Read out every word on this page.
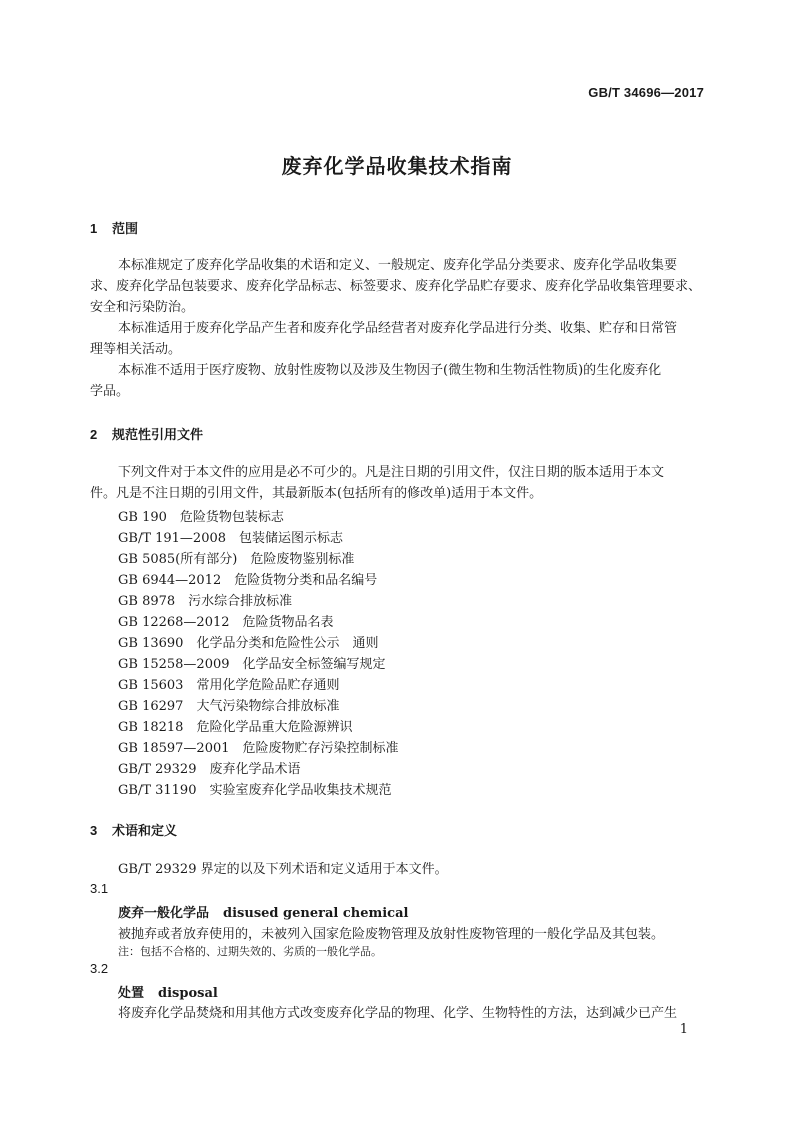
GB/T 34696—2017
废弃化学品收集技术指南
1 范围
本标准规定了废弃化学品收集的术语和定义、一般规定、废弃化学品分类要求、废弃化学品收集要
求、废弃化学品包装要求、废弃化学品标志、标签要求、废弃化学品贮存要求、废弃化学品收集管理要求、
安全和污染防治。
本标准适用于废弃化学品产生者和废弃化学品经营者对废弃化学品进行分类、收集、贮存和日常管
理等相关活动。
本标准不适用于医疗废物、放射性废物以及涉及生物因子(微生物和生物活性物质)的生化废弃化
学品。
2 规范性引用文件
下列文件对于本文件的应用是必不可少的。凡是注日期的引用文件，仅注日期的版本适用于本文
件。凡是不注日期的引用文件，其最新版本(包括所有的修改单)适用于本文件。
GB 190　 危险货物包装标志
GB/T 191—2008　 包装储运图示标志
GB 5085(所有部分)　 危险废物鉴别标准
GB 6944—2012　 危险货物分类和品名编号
GB 8978　 污水综合排放标准
GB 12268—2012　 危险货物品名表
GB 13690　 化学品分类和危险性公示　通则
GB 15258—2009　 化学品安全标签编写规定
GB 15603　 常用化学危险品贮存通则
GB 16297　 大气污染物综合排放标准
GB 18218　 危险化学品重大危险源辨识
GB 18597—2001　 危险废物贮存污染控制标准
GB/T 29329　 废弃化学品术语
GB/T 31190　 实验室废弃化学品收集技术规范
3 术语和定义
GB/T 29329 界定的以及下列术语和定义适用于本文件。
3.1
废弃一般化学品 disused general chemical
被抛弃或者放弃使用的，未被列入国家危险废物管理及放射性废物管理的一般化学品及其包装。
注：包括不合格的、过期失效的、劣质的一般化学品。
3.2
处置 disposal
将废弃化学品焚烧和用其他方式改变废弃化学品的物理、化学、生物特性的方法，达到减少已产生
1
